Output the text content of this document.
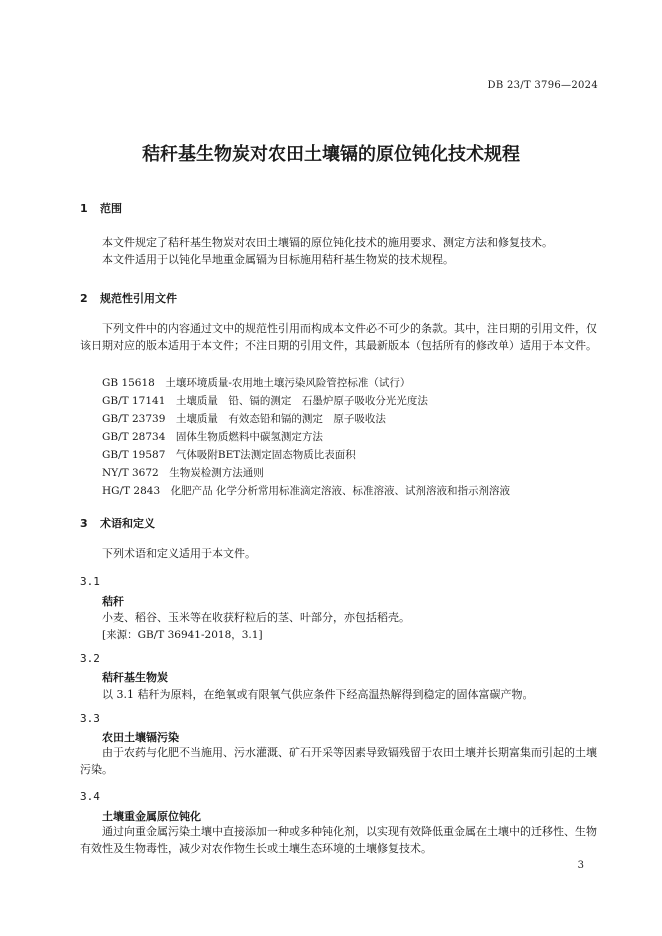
DB 23/T 3796—2024
秸秆基生物炭对农田土壤镉的原位钝化技术规程
1 范围
本文件规定了秸秆基生物炭对农田土壤镉的原位钝化技术的施用要求、测定方法和修复技术。
本文件适用于以钝化旱地重金属镉为目标施用秸秆基生物炭的技术规程。
2 规范性引用文件
下列文件中的内容通过文中的规范性引用而构成本文件必不可少的条款。其中，注日期的引用文件，仅该日期对应的版本适用于本文件；不注日期的引用文件，其最新版本（包括所有的修改单）适用于本文件。
GB 15618　土壤环境质量-农用地土壤污染风险管控标准（试行）
GB/T 17141　土壤质量　铅、镉的测定　石墨炉原子吸收分光光度法
GB/T 23739　土壤质量　有效态铅和镉的测定　原子吸收法
GB/T 28734　固体生物质燃料中碳氢测定方法
GB/T 19587　气体吸附BET法测定固态物质比表面积
NY/T 3672　生物炭检测方法通则
HG/T 2843　化肥产品 化学分析常用标准滴定溶液、标准溶液、试剂溶液和指示剂溶液
3 术语和定义
下列术语和定义适用于本文件。
3.1
秸秆
小麦、稻谷、玉米等在收获籽粒后的茎、叶部分，亦包括稻壳。
[来源：GB/T 36941-2018，3.1]
3.2
秸秆基生物炭
以 3.1 秸秆为原料，在绝氧或有限氧气供应条件下经高温热解得到稳定的固体富碳产物。
3.3
农田土壤镉污染
由于农药与化肥不当施用、污水灌溉、矿石开采等因素导致镉残留于农田土壤并长期富集而引起的土壤污染。
3.4
土壤重金属原位钝化
通过向重金属污染土壤中直接添加一种或多种钝化剂，以实现有效降低重金属在土壤中的迁移性、生物有效性及生物毒性，减少对农作物生长或土壤生态环境的土壤修复技术。
3
